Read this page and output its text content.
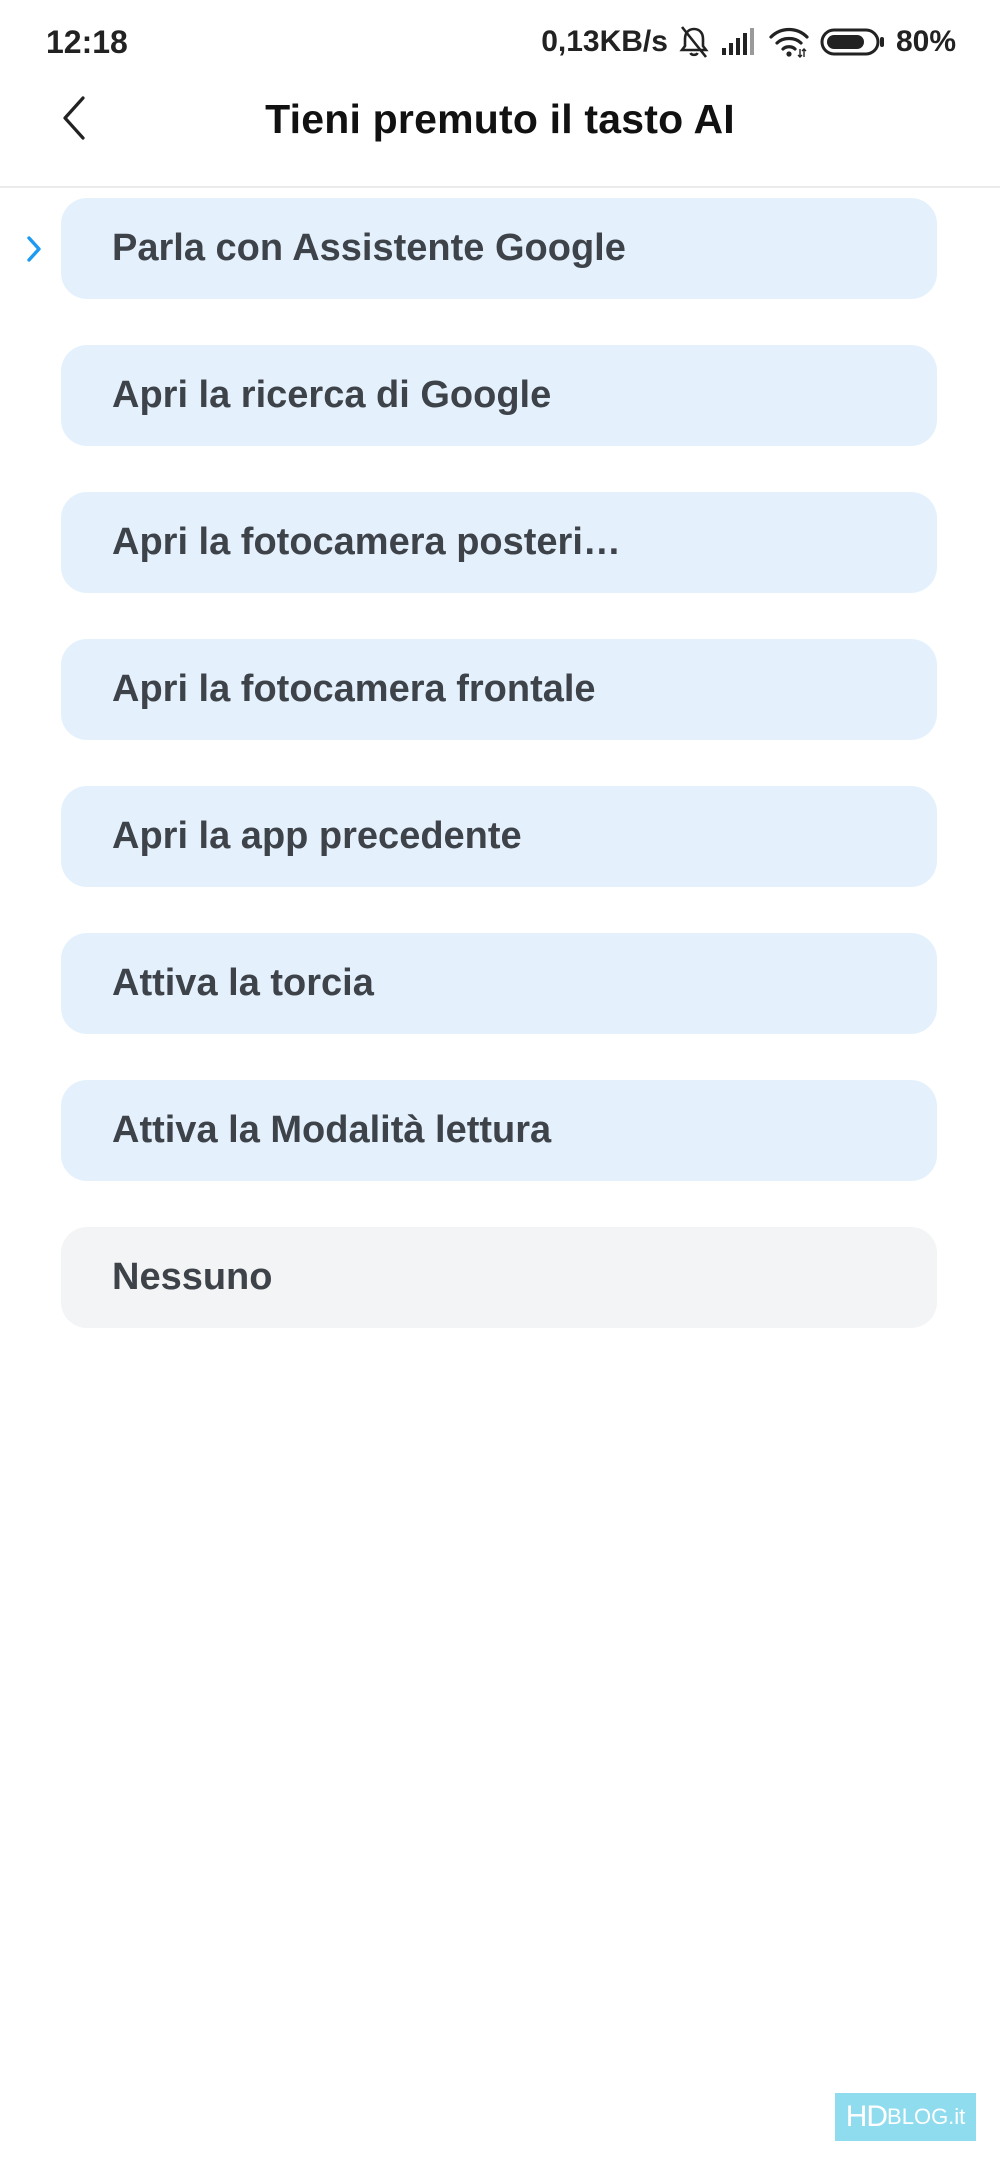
12:18	0,13KB/s	80%
Tieni premuto il tasto AI
Parla con Assistente Google
Apri la ricerca di Google
Apri la fotocamera posteri…
Apri la fotocamera frontale
Apri la app precedente
Attiva la torcia
Attiva la Modalità lettura
Nessuno
HD BLOG.it
